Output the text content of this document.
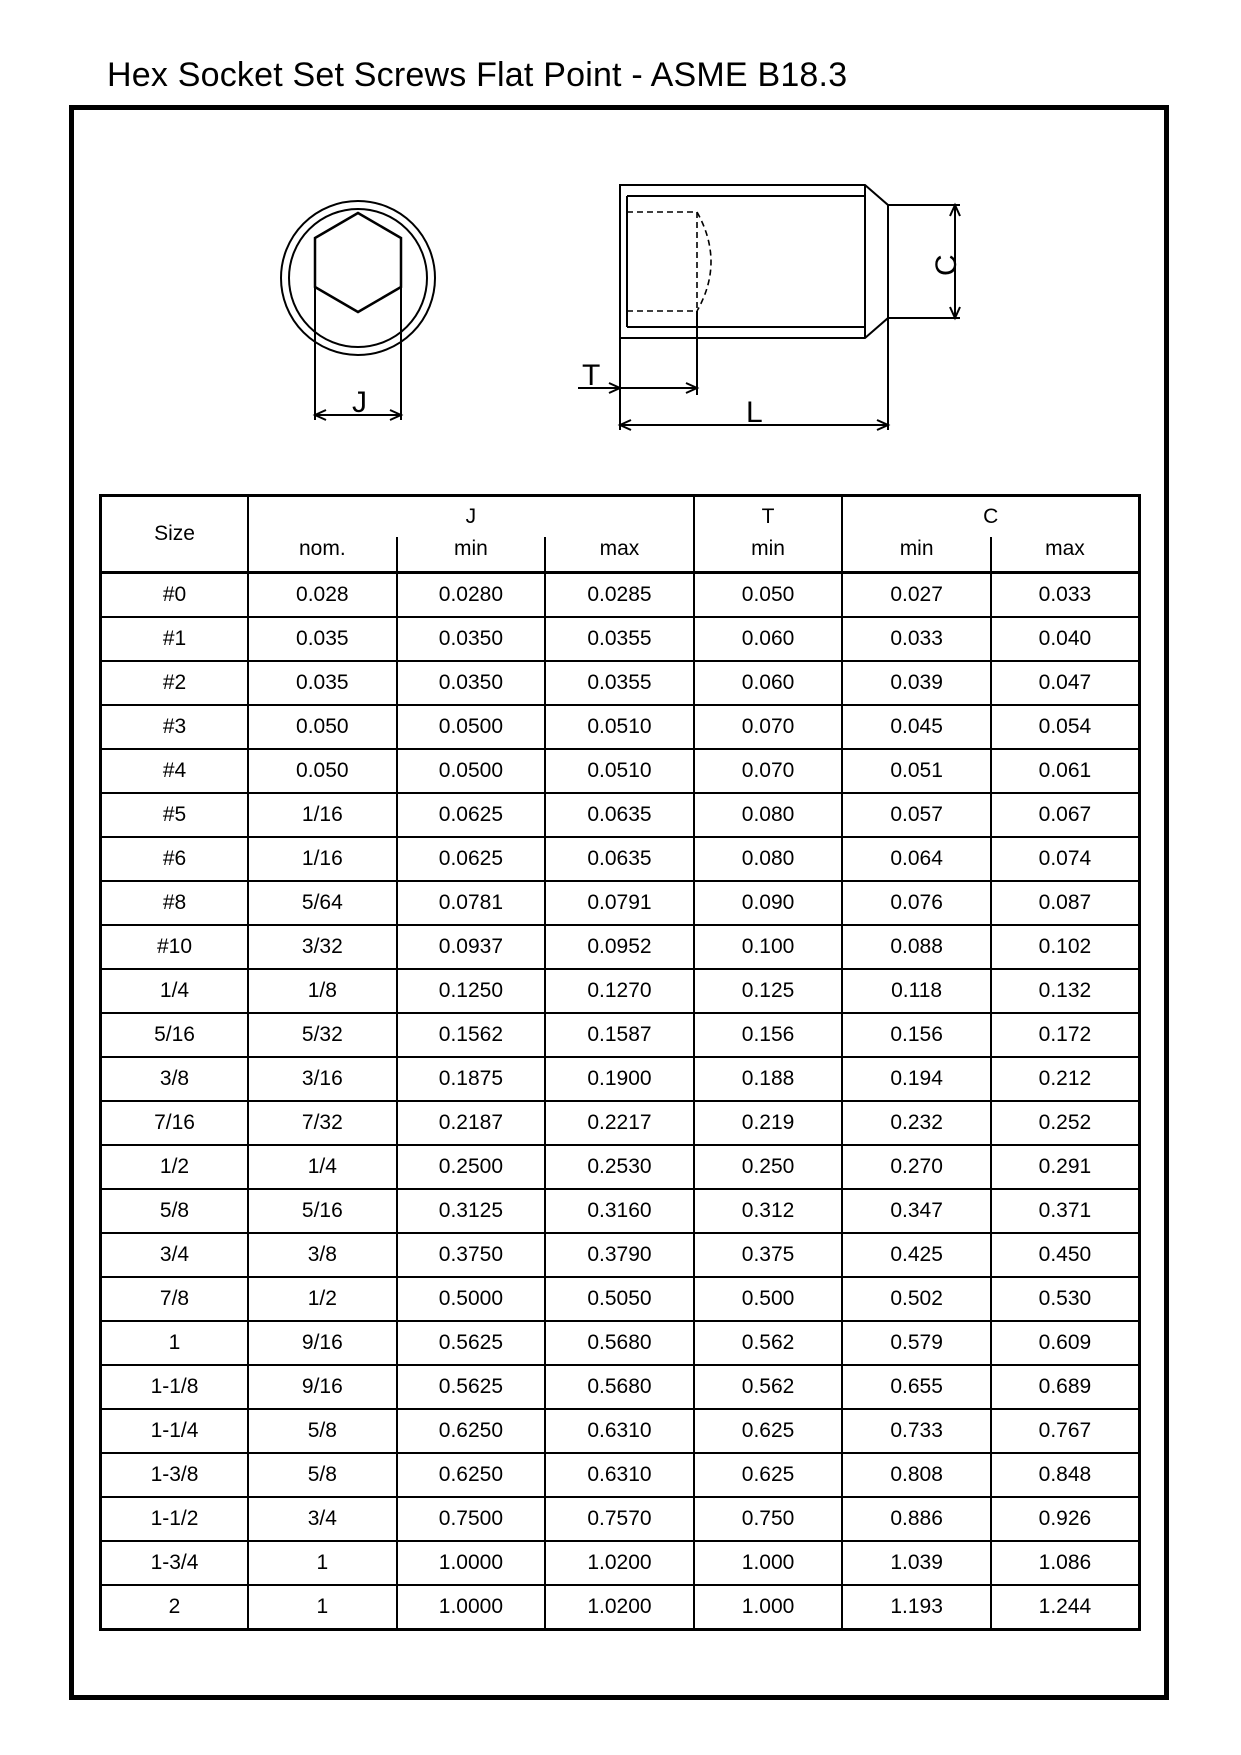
Hex Socket Set Screws Flat Point - ASME B18.3
J
T
L
C
Size	J			T	C	
	nom.	min	max	min	min	max
#0	0.028	0.0280	0.0285	0.050	0.027	0.033
#1	0.035	0.0350	0.0355	0.060	0.033	0.040
#2	0.035	0.0350	0.0355	0.060	0.039	0.047
#3	0.050	0.0500	0.0510	0.070	0.045	0.054
#4	0.050	0.0500	0.0510	0.070	0.051	0.061
#5	1/16	0.0625	0.0635	0.080	0.057	0.067
#6	1/16	0.0625	0.0635	0.080	0.064	0.074
#8	5/64	0.0781	0.0791	0.090	0.076	0.087
#10	3/32	0.0937	0.0952	0.100	0.088	0.102
1/4	1/8	0.1250	0.1270	0.125	0.118	0.132
5/16	5/32	0.1562	0.1587	0.156	0.156	0.172
3/8	3/16	0.1875	0.1900	0.188	0.194	0.212
7/16	7/32	0.2187	0.2217	0.219	0.232	0.252
1/2	1/4	0.2500	0.2530	0.250	0.270	0.291
5/8	5/16	0.3125	0.3160	0.312	0.347	0.371
3/4	3/8	0.3750	0.3790	0.375	0.425	0.450
7/8	1/2	0.5000	0.5050	0.500	0.502	0.530
1	9/16	0.5625	0.5680	0.562	0.579	0.609
1-1/8	9/16	0.5625	0.5680	0.562	0.655	0.689
1-1/4	5/8	0.6250	0.6310	0.625	0.733	0.767
1-3/8	5/8	0.6250	0.6310	0.625	0.808	0.848
1-1/2	3/4	0.7500	0.7570	0.750	0.886	0.926
1-3/4	1	1.0000	1.0200	1.000	1.039	1.086
2	1	1.0000	1.0200	1.000	1.193	1.244
